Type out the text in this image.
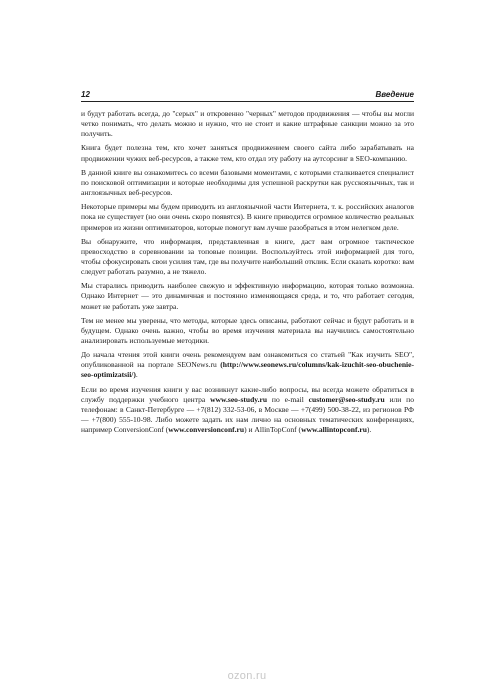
12	Введение

и будут работать всегда, до "серых" и откровенно "черных" методов продвижения — чтобы вы могли четко понимать, что делать можно и нужно, что не стоит и какие штрафные санкции можно за это получить.

Книга будет полезна тем, кто хочет заняться продвижением своего сайта либо зарабатывать на продвижении чужих веб-ресурсов, а также тем, кто отдал эту работу на аутсорсинг в SEO-компанию.

В данной книге вы ознакомитесь со всеми базовыми моментами, с которыми сталкивается специалист по поисковой оптимизации и которые необходимы для успешной раскрутки как русскоязычных, так и англоязычных веб-ресурсов.

Некоторые примеры мы будем приводить из англоязычной части Интернета, т. к. российских аналогов пока не существует (но они очень скоро появятся). В книге приводится огромное количество реальных примеров из жизни оптимизаторов, которые помогут вам лучше разобраться в этом нелегком деле.

Вы обнаружите, что информация, представленная в книге, даст вам огромное тактическое превосходство в соревновании за топовые позиции. Воспользуйтесь этой информацией для того, чтобы сфокусировать свои усилия там, где вы получите наибольший отклик. Если сказать коротко: вам следует работать разумно, а не тяжело.

Мы старались приводить наиболее свежую и эффективную информацию, которая только возможна. Однако Интернет — это динамичная и постоянно изменяющаяся среда, и то, что работает сегодня, может не работать уже завтра.

Тем не менее мы уверены, что методы, которые здесь описаны, работают сейчас и будут работать и в будущем. Однако очень важно, чтобы во время изучения материала вы научились самостоятельно анализировать используемые методики.

До начала чтения этой книги очень рекомендуем вам ознакомиться со статьей "Как изучить SEO", опубликованной на портале SEONews.ru (http://www.seonews.ru/columns/kak-izuchit-seo-obuchenie-seo-optimizatsii/).

Если во время изучения книги у вас возникнут какие-либо вопросы, вы всегда можете обратиться в службу поддержки учебного центра www.seo-study.ru по e-mail customer@seo-study.ru или по телефонам: в Санкт-Петербурге — +7(812) 332-53-06, в Москве — +7(499) 500-38-22, из регионов РФ — +7(800) 555-10-98. Либо можете задать их нам лично на основных тематических конференциях, например ConversionConf (www.conversionconf.ru) и AllinTopConf (www.allintopconf.ru).

ozon.ru
